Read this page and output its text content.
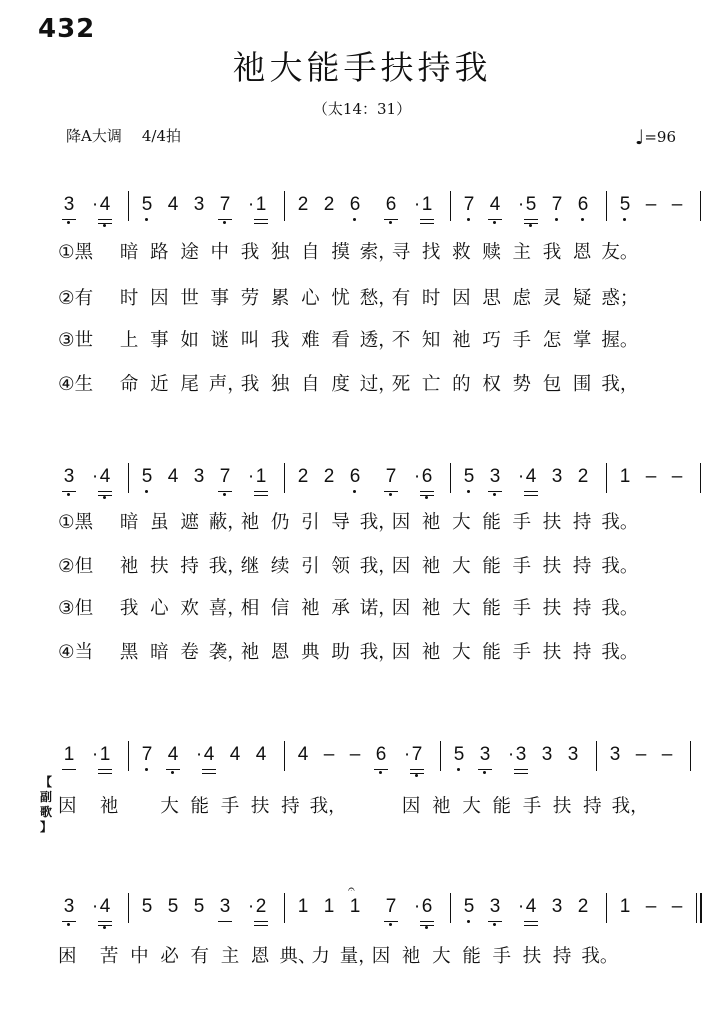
432
祂大能手扶持我
（太14：31）
降A大调 4/4拍	♩=96
3 · 4 5 4 3 7 · 1 2 2 6 6 · 1 7 4 · 5 7 6 5 – –
3 · 4 5 4 3 7 · 1 2 2 6 7 · 6 5 3 · 4 3 2 1 – –
1 · 1 7 4 · 4 4 4 4 – – 6 · 7 5 3 · 3 3 3 3 – –
3 · 4 5 5 5 3 · 2 1 1 1
𝄐
7 · 6 5 3 · 4 3 2 1 – –
①黑	暗 路 途 中 我 独 自 摸 索，
寻 找 救 赎 主 我 恩 友。
②有	时 因 世 事 劳 累 心 忧 愁，
有 时 因 思 虑 灵 疑 惑；
③世	上 事 如 谜 叫 我 难 看 透，
不 知 祂 巧 手 怎 掌 握。
④生	命 近 尾 声，
我 独 自 度 过，
死 亡 的 权 势 包 围 我，
①黑	暗 虽 遮 蔽，
祂 仍 引 导 我，
因 祂 大 能 手 扶 持 我。
②但	祂 扶 持 我，
继 续 引 领 我，
因 祂 大 能 手 扶 持 我。
③但	我 心 欢 喜，
相 信 祂 承 诺，
因 祂 大 能 手 扶 持 我。
④当	黑 暗 卷 袭，
祂 恩 典 助 我，
因 祂 大 能 手 扶 持 我。
因 祂 大 能 手 扶 持 我，	因 祂 大 能 手 扶 持 我，
困 苦 中 必 有 主 恩 典、
力 量，
因 祂 大 能 手 扶 持 我。
【
副
歌
】
